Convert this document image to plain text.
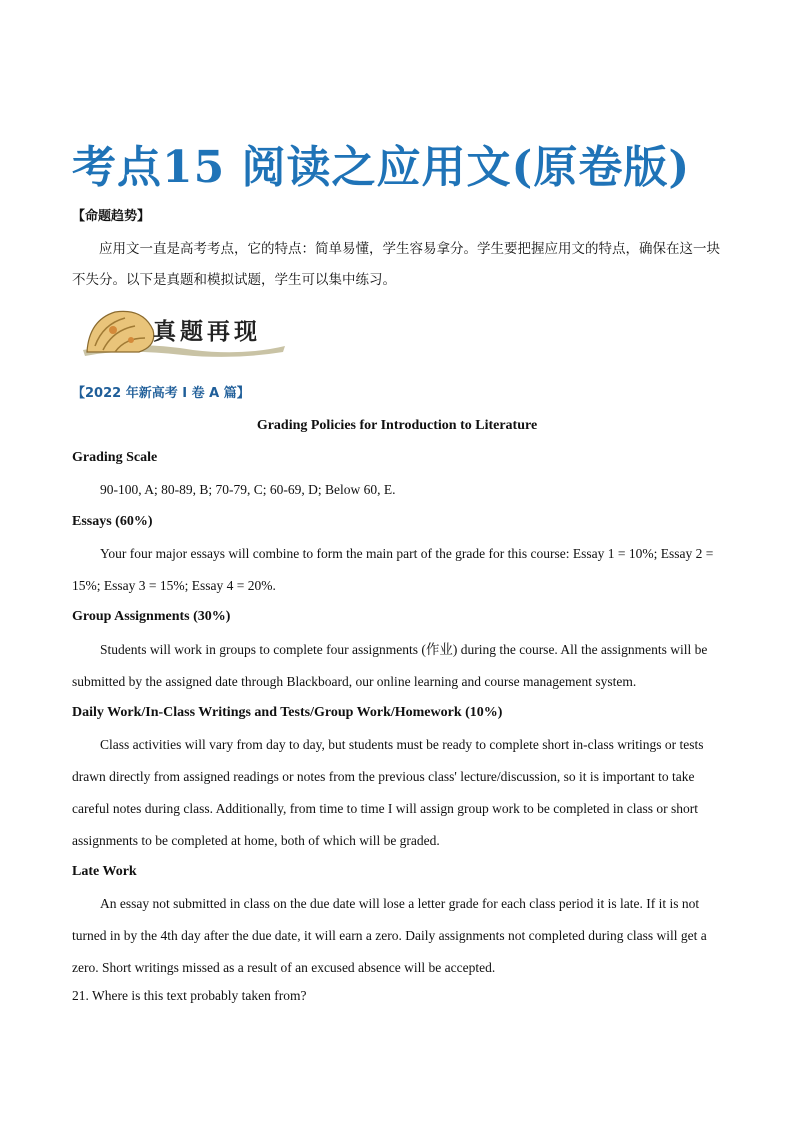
考点15 阅读之应用文(原卷版)
【命题趋势】
应用文一直是高考考点，它的特点：简单易懂，学生容易拿分。学生要把握应用文的特点，确保在这一块不失分。以下是真题和模拟试题，学生可以集中练习。
真题再现
【2022 年新高考 I 卷 A 篇】
Grading Policies for Introduction to Literature
Grading Scale
90-100, A; 80-89, B; 70-79, C; 60-69, D; Below 60, E.
Essays (60%)
Your four major essays will combine to form the main part of the grade for this course: Essay 1 = 10%; Essay 2 = 15%; Essay 3 = 15%; Essay 4 = 20%.
Group Assignments (30%)
Students will work in groups to complete four assignments (作业) during the course. All the assignments will be submitted by the assigned date through Blackboard, our online learning and course management system.
Daily Work/In-Class Writings and Tests/Group Work/Homework (10%)
Class activities will vary from day to day, but students must be ready to complete short in-class writings or tests drawn directly from assigned readings or notes from the previous class' lecture/discussion, so it is important to take careful notes during class. Additionally, from time to time I will assign group work to be completed in class or short assignments to be completed at home, both of which will be graded.
Late Work
An essay not submitted in class on the due date will lose a letter grade for each class period it is late. If it is not turned in by the 4th day after the due date, it will earn a zero. Daily assignments not completed during class will get a zero. Short writings missed as a result of an excused absence will be accepted.
21. Where is this text probably taken from?
